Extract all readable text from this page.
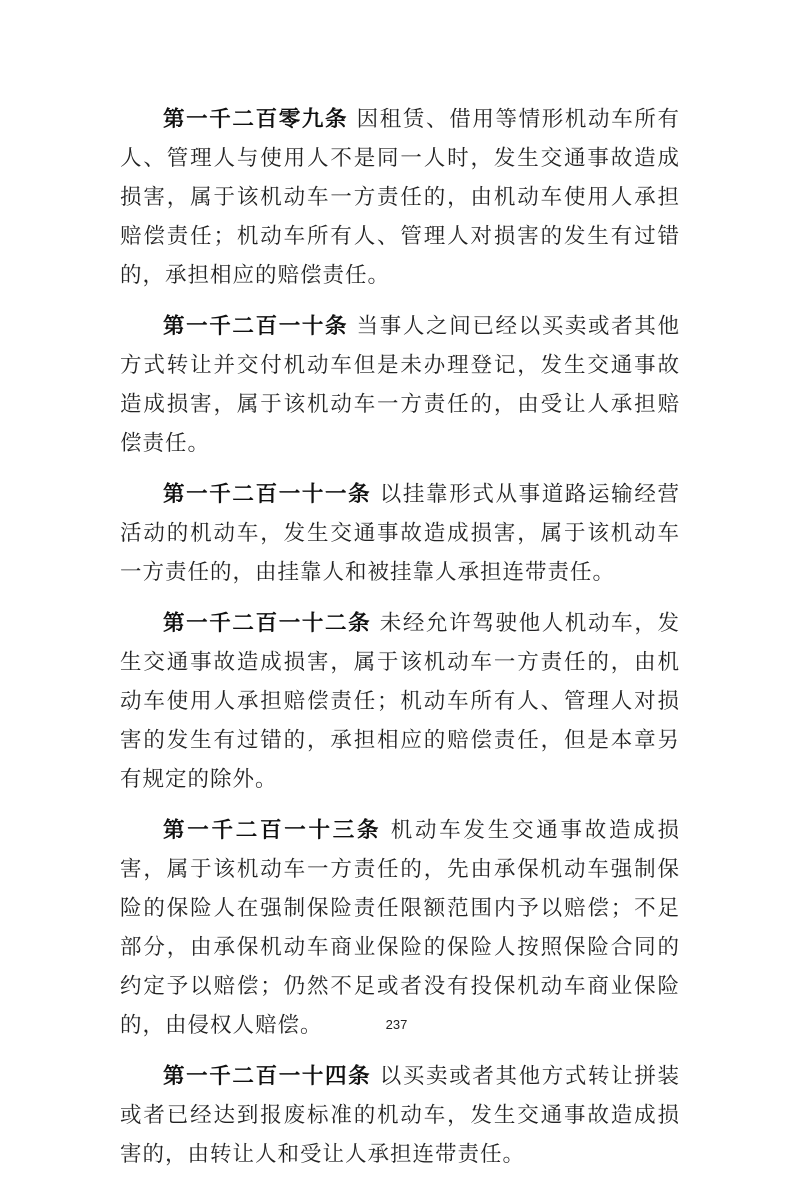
第一千二百零九条 因租赁、借用等情形机动车所有人、管理人与使用人不是同一人时，发生交通事故造成损害，属于该机动车一方责任的，由机动车使用人承担赔偿责任；机动车所有人、管理人对损害的发生有过错的，承担相应的赔偿责任。

第一千二百一十条 当事人之间已经以买卖或者其他方式转让并交付机动车但是未办理登记，发生交通事故造成损害，属于该机动车一方责任的，由受让人承担赔偿责任。

第一千二百一十一条 以挂靠形式从事道路运输经营活动的机动车，发生交通事故造成损害，属于该机动车一方责任的，由挂靠人和被挂靠人承担连带责任。

第一千二百一十二条 未经允许驾驶他人机动车，发生交通事故造成损害，属于该机动车一方责任的，由机动车使用人承担赔偿责任；机动车所有人、管理人对损害的发生有过错的，承担相应的赔偿责任，但是本章另有规定的除外。

第一千二百一十三条 机动车发生交通事故造成损害，属于该机动车一方责任的，先由承保机动车强制保险的保险人在强制保险责任限额范围内予以赔偿；不足部分，由承保机动车商业保险的保险人按照保险合同的约定予以赔偿；仍然不足或者没有投保机动车商业保险的，由侵权人赔偿。

第一千二百一十四条 以买卖或者其他方式转让拼装或者已经达到报废标准的机动车，发生交通事故造成损害的，由转让人和受让人承担连带责任。

237
